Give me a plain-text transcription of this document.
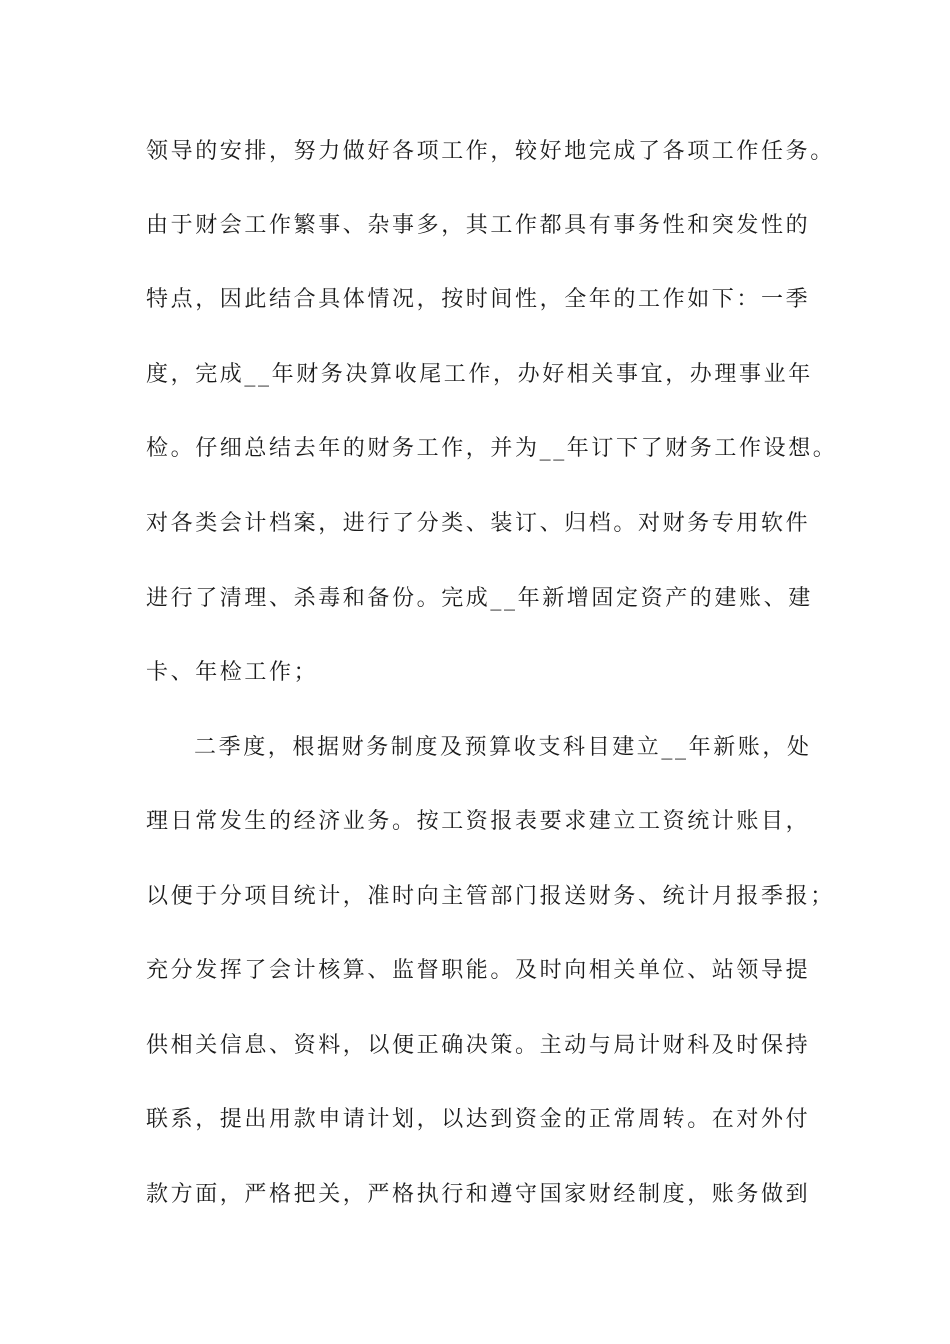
领导的安排，努力做好各项工作，较好地完成了各项工作任务。
由于财会工作繁事、杂事多，其工作都具有事务性和突发性的
特点，因此结合具体情况，按时间性，全年的工作如下：一季
度，完成__年财务决算收尾工作，办好相关事宜，办理事业年
检。仔细总结去年的财务工作，并为__年订下了财务工作设想。
对各类会计档案，进行了分类、装订、归档。对财务专用软件
进行了清理、杀毒和备份。完成__年新增固定资产的建账、建
卡、年检工作；
二季度，根据财务制度及预算收支科目建立__年新账，处
理日常发生的经济业务。按工资报表要求建立工资统计账目，
以便于分项目统计，准时向主管部门报送财务、统计月报季报；
充分发挥了会计核算、监督职能。及时向相关单位、站领导提
供相关信息、资料，以便正确决策。主动与局计财科及时保持
联系，提出用款申请计划，以达到资金的正常周转。在对外付
款方面，严格把关，严格执行和遵守国家财经制度，账务做到
